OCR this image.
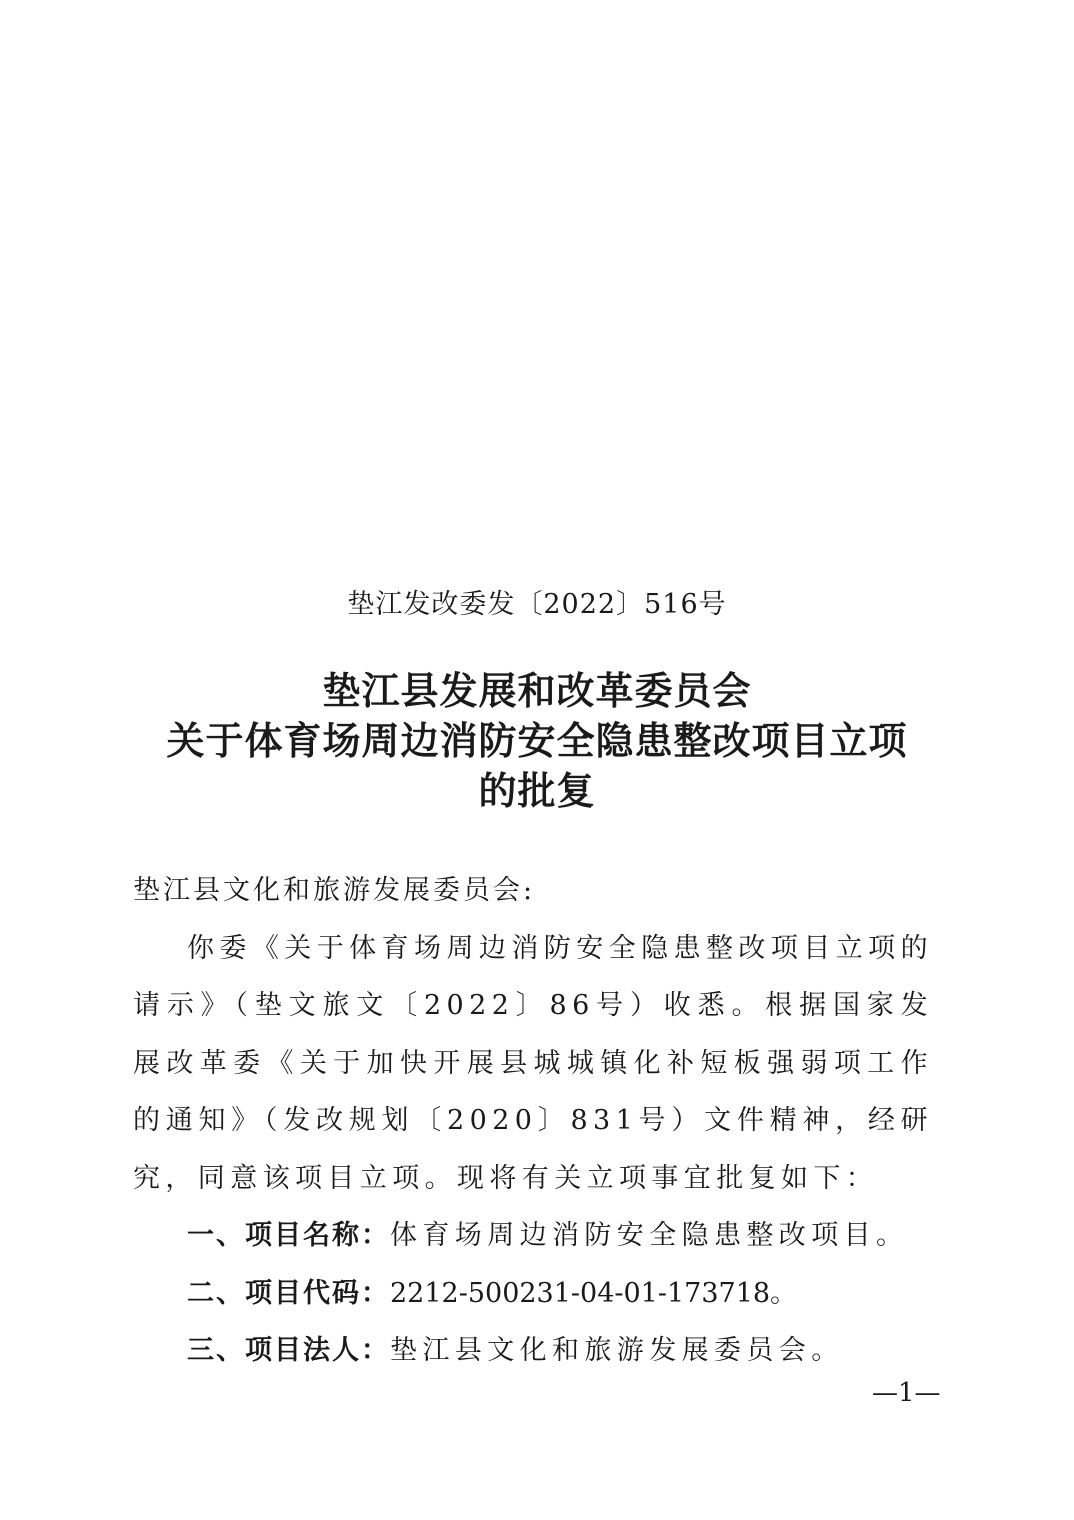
垫江发改委发〔2022〕516号
垫江县发展和改革委员会
关于体育场周边消防安全隐患整改项目立项
的批复
垫江县文化和旅游发展委员会:
你委《关于体育场周边消防安全隐患整改项目立项的请示》（垫文旅文〔2022〕86号）收悉。根据国家发展改革委《关于加快开展县城城镇化补短板强弱项工作的通知》（发改规划〔2020〕831号）文件精神，经研究，同意该项目立项。现将有关立项事宜批复如下：
一、项目名称：体育场周边消防安全隐患整改项目。
二、项目代码：2212-500231-04-01-173718。
三、项目法人：垫江县文化和旅游发展委员会。
—1—
